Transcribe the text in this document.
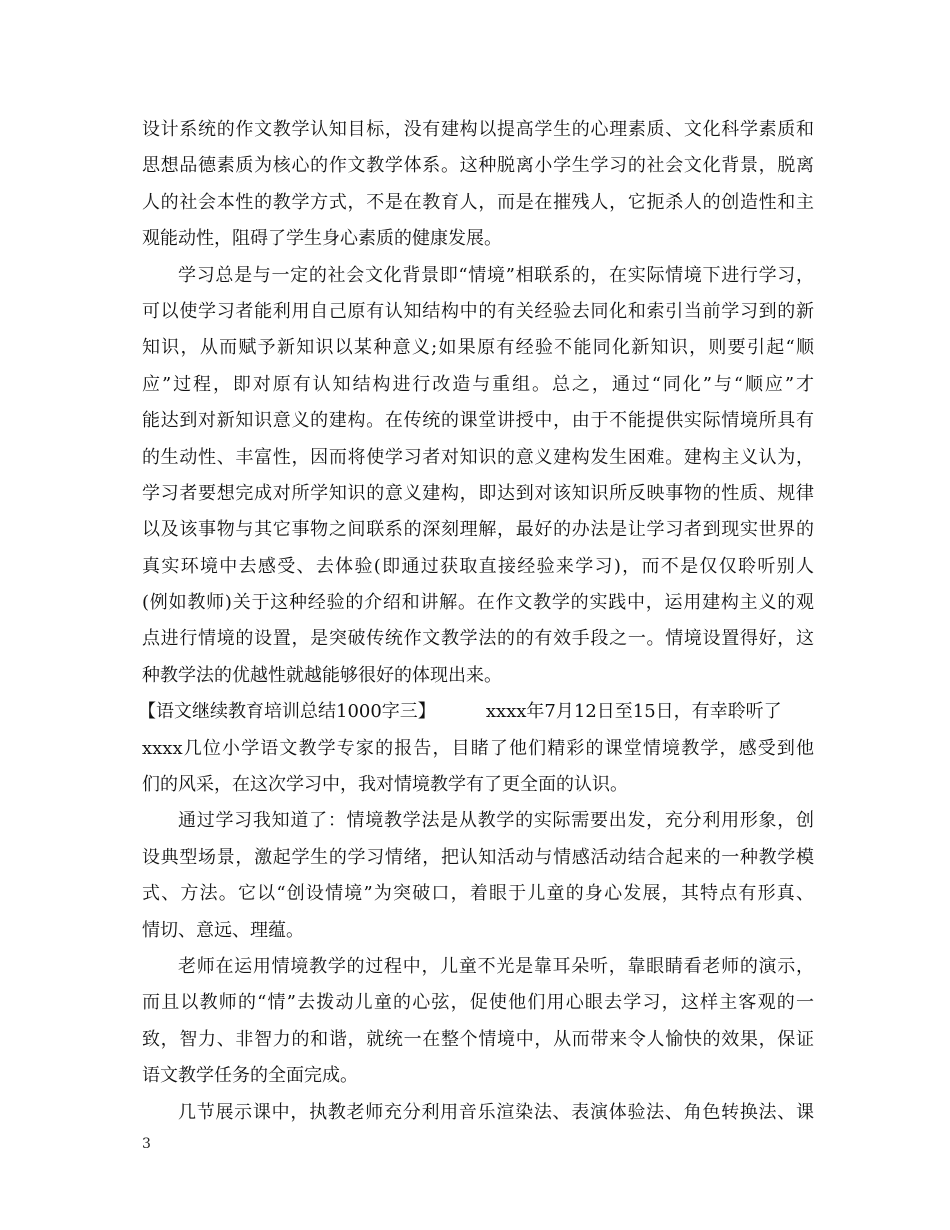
设计系统的作文教学认知目标，没有建构以提高学生的心理素质、文化科学素质和
思想品德素质为核心的作文教学体系。这种脱离小学生学习的社会文化背景，脱离
人的社会本性的教学方式，不是在教育人，而是在摧残人，它扼杀人的创造性和主
观能动性，阻碍了学生身心素质的健康发展。
学习总是与一定的社会文化背景即“情境”相联系的，在实际情境下进行学习，
可以使学习者能利用自己原有认知结构中的有关经验去同化和索引当前学习到的新
知识，从而赋予新知识以某种意义;如果原有经验不能同化新知识，则要引起“顺
应”过程，即对原有认知结构进行改造与重组。总之，通过“同化”与“顺应”才
能达到对新知识意义的建构。在传统的课堂讲授中，由于不能提供实际情境所具有
的生动性、丰富性，因而将使学习者对知识的意义建构发生困难。建构主义认为，
学习者要想完成对所学知识的意义建构，即达到对该知识所反映事物的性质、规律
以及该事物与其它事物之间联系的深刻理解，最好的办法是让学习者到现实世界的
真实环境中去感受、去体验(即通过获取直接经验来学习)，而不是仅仅聆听别人
(例如教师)关于这种经验的介绍和讲解。在作文教学的实践中，运用建构主义的观
点进行情境的设置，是突破传统作文教学法的的有效手段之一。情境设置得好，这
种教学法的优越性就越能够很好的体现出来。
【语文继续教育培训总结1000字三】	xxxx年7月12日至15日，有幸聆听了
xxxx几位小学语文教学专家的报告，目睹了他们精彩的课堂情境教学，感受到他
们的风采，在这次学习中，我对情境教学有了更全面的认识。
通过学习我知道了：情境教学法是从教学的实际需要出发，充分利用形象，创
设典型场景，激起学生的学习情绪，把认知活动与情感活动结合起来的一种教学模
式、方法。它以“创设情境”为突破口，着眼于儿童的身心发展，其特点有形真、
情切、意远、理蕴。
老师在运用情境教学的过程中，儿童不光是靠耳朵听，靠眼睛看老师的演示，
而且以教师的“情”去拨动儿童的心弦，促使他们用心眼去学习，这样主客观的一
致，智力、非智力的和谐，就统一在整个情境中，从而带来令人愉快的效果，保证
语文教学任务的全面完成。
几节展示课中，执教老师充分利用音乐渲染法、表演体验法、角色转换法、课
3
